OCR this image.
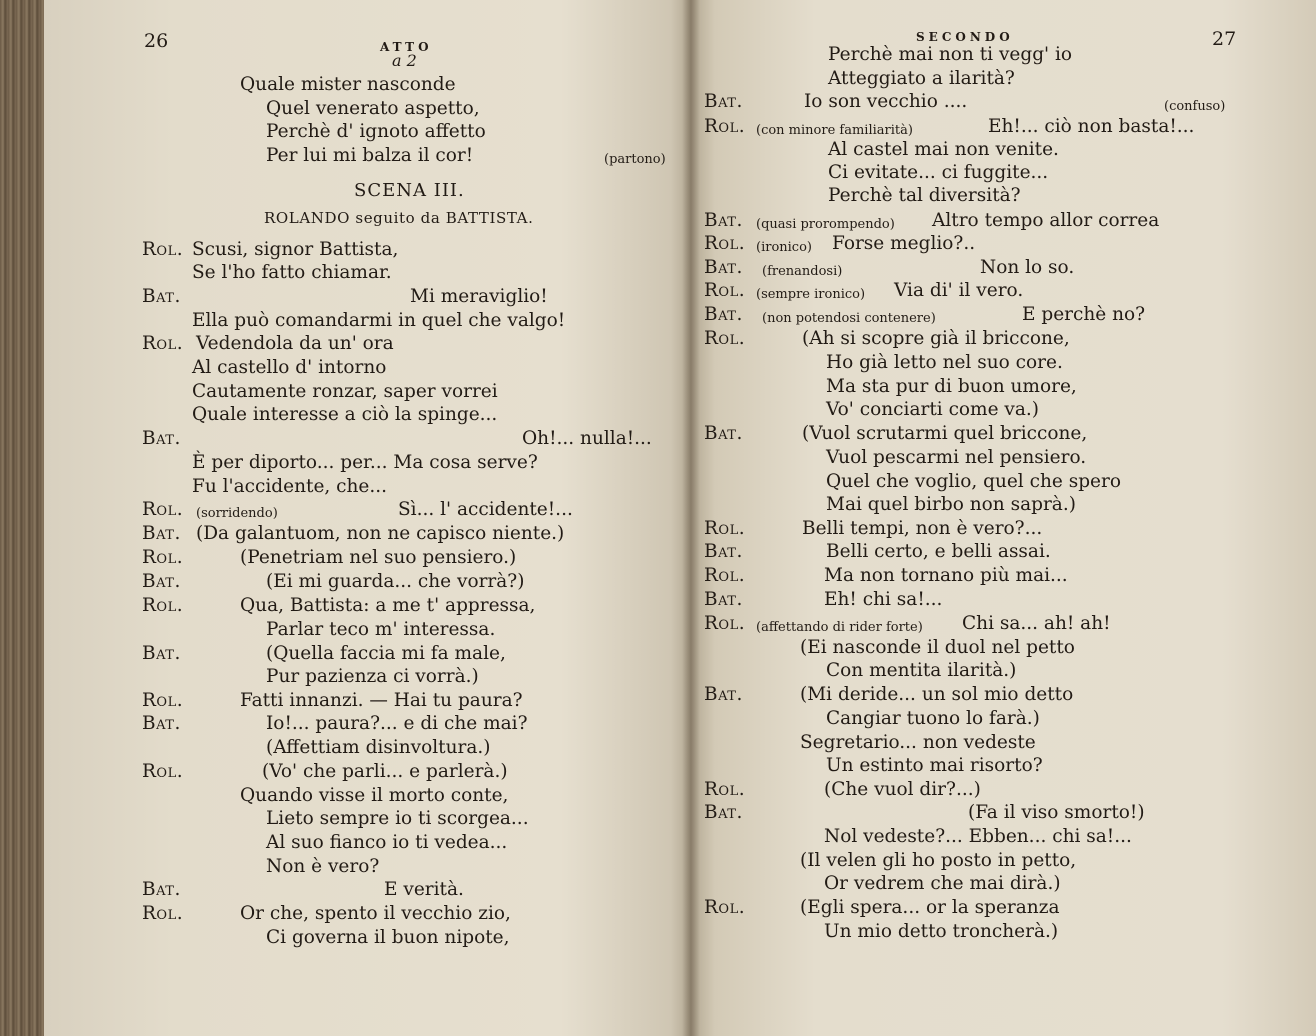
26	ATTO
a 2
Quale mister nasconde
Quel venerato aspetto,
Perchè d' ignoto affetto
Per lui mi balza il cor!	(partono)
SCENA III.
ROLANDO seguito da BATTISTA.
Rol. Scusi, signor Battista,
Se l'ho fatto chiamar.
Bat.	Mi meraviglio!
Ella può comandarmi in quel che valgo!
Rol. Vedendola da un' ora
Al castello d' intorno
Cautamente ronzar, saper vorrei
Quale interesse a ciò la spinge...
Bat.	Oh!... nulla!...
È per diporto... per... Ma cosa serve?
Fu l'accidente, che...
Rol. (sorridendo)	Sì... l' accidente!...
Bat. (Da galantuom, non ne capisco niente.)
Rol.	(Penetriam nel suo pensiero.)
Bat.	(Ei mi guarda... che vorrà?)
Rol.	Qua, Battista: a me t' appressa,
Parlar teco m' interessa.
Bat.	(Quella faccia mi fa male,
Pur pazienza ci vorrà.)
Rol.	Fatti innanzi. — Hai tu paura?
Bat.	Io!... paura?... e di che mai?
(Affettiam disinvoltura.)
Rol.	(Vo' che parli... e parlerà.)
Quando visse il morto conte,
Lieto sempre io ti scorgea...
Al suo fianco io ti vedea...
Non è vero?
Bat.	E verità.
Rol.	Or che, spento il vecchio zio,
Ci governa il buon nipote,
SECONDO	27
Perchè mai non ti vegg' io
Atteggiato a ilarità?
Bat.	Io son vecchio ....	(confuso)
Rol. (con minore familiarità)	Eh!... ciò non basta!...
Al castel mai non venite.
Ci evitate... ci fuggite...
Perchè tal diversità?
Bat. (quasi prorompendo) Altro tempo allor correa
Rol. (ironico) Forse meglio?..
Bat. (frenandosi)	Non lo so.
Rol. (sempre ironico) Via di' il vero.
Bat. (non potendosi contenere)	E perchè no?
Rol.	(Ah si scopre già il briccone,
Ho già letto nel suo core.
Ma sta pur di buon umore,
Vo' conciarti come va.)
Bat.	(Vuol scrutarmi quel briccone,
Vuol pescarmi nel pensiero.
Quel che voglio, quel che spero
Mai quel birbo non saprà.)
Rol.	Belli tempi, non è vero?...
Bat.	Belli certo, e belli assai.
Rol.	Ma non tornano più mai...
Bat.	Eh! chi sa!...
Rol. (affettando di rider forte) Chi sa... ah! ah!
(Ei nasconde il duol nel petto
Con mentita ilarità.)
Bat.	(Mi deride... un sol mio detto
Cangiar tuono lo farà.)
Segretario... non vedeste
Un estinto mai risorto?
Rol.	(Che vuol dir?...)
Bat.	(Fa il viso smorto!)
Nol vedeste?... Ebben... chi sa!...
(Il velen gli ho posto in petto,
Or vedrem che mai dirà.)
Rol.	(Egli spera... or la speranza
Un mio detto troncherà.)
